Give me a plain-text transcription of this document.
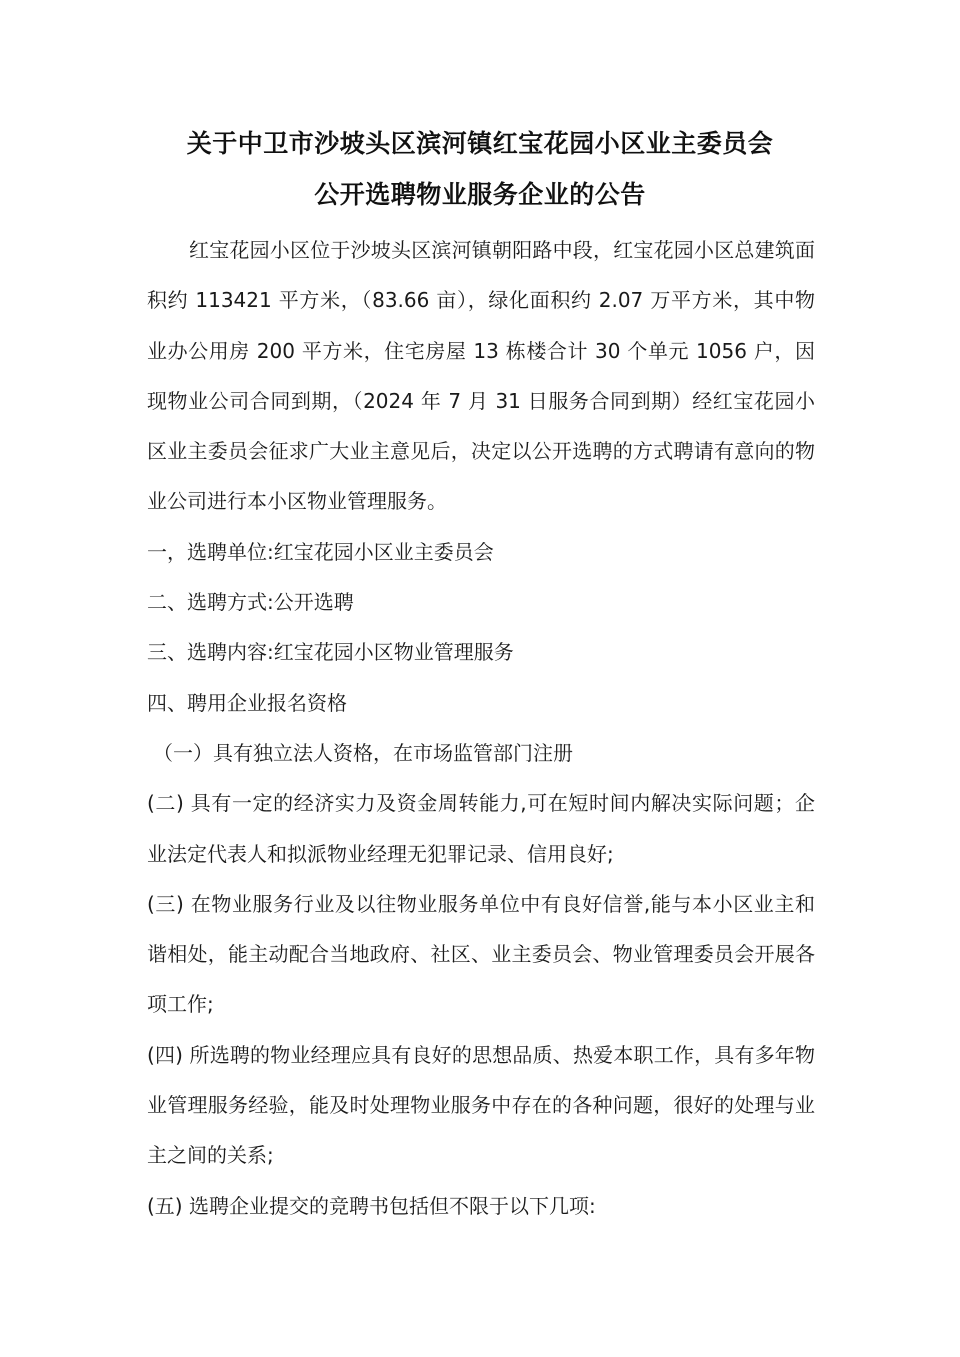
关于中卫市沙坡头区滨河镇红宝花园小区业主委员会
公开选聘物业服务企业的公告

红宝花园小区位于沙坡头区滨河镇朝阳路中段，红宝花园小区总建筑面积约 113421 平方米，（83.66 亩），绿化面积约 2.07 万平方米，其中物业办公用房 200 平方米，住宅房屋 13 栋楼合计 30 个单元 1056 户，因现物业公司合同到期，（2024 年 7 月 31 日服务合同到期）经红宝花园小区业主委员会征求广大业主意见后，决定以公开选聘的方式聘请有意向的物业公司进行本小区物业管理服务。

一，选聘单位:红宝花园小区业主委员会

二、选聘方式:公开选聘

三、选聘内容:红宝花园小区物业管理服务

四、聘用企业报名资格

（一）具有独立法人资格，在市场监管部门注册

(二) 具有一定的经济实力及资金周转能力,可在短时间内解决实际问题；企业法定代表人和拟派物业经理无犯罪记录、信用良好;

(三) 在物业服务行业及以往物业服务单位中有良好信誉,能与本小区业主和谐相处，能主动配合当地政府、社区、业主委员会、物业管理委员会开展各项工作;

(四) 所选聘的物业经理应具有良好的思想品质、热爱本职工作，具有多年物业管理服务经验，能及时处理物业服务中存在的各种问题，很好的处理与业主之间的关系;

(五) 选聘企业提交的竞聘书包括但不限于以下几项:
